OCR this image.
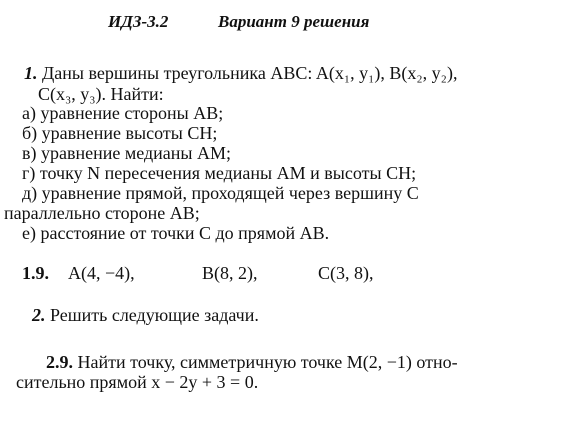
ИДЗ-3.2	Вариант 9 решения
1. Даны вершины треугольника ABC: A(x₁, y₁), B(x₂, y₂),
C(x₃, y₃). Найти:
а) уравнение стороны AB;
б) уравнение высоты CH;
в) уравнение медианы AM;
г) точку N пересечения медианы AM и высоты CH;
д) уравнение прямой, проходящей через вершину C
параллельно стороне AB;
е) расстояние от точки C до прямой AB.
1.9. A(4, −4),	B(8, 2),	C(3, 8),
2. Решить следующие задачи.
2.9. Найти точку, симметричную точке M(2, −1) отно-
сительно прямой x − 2y + 3 = 0.
